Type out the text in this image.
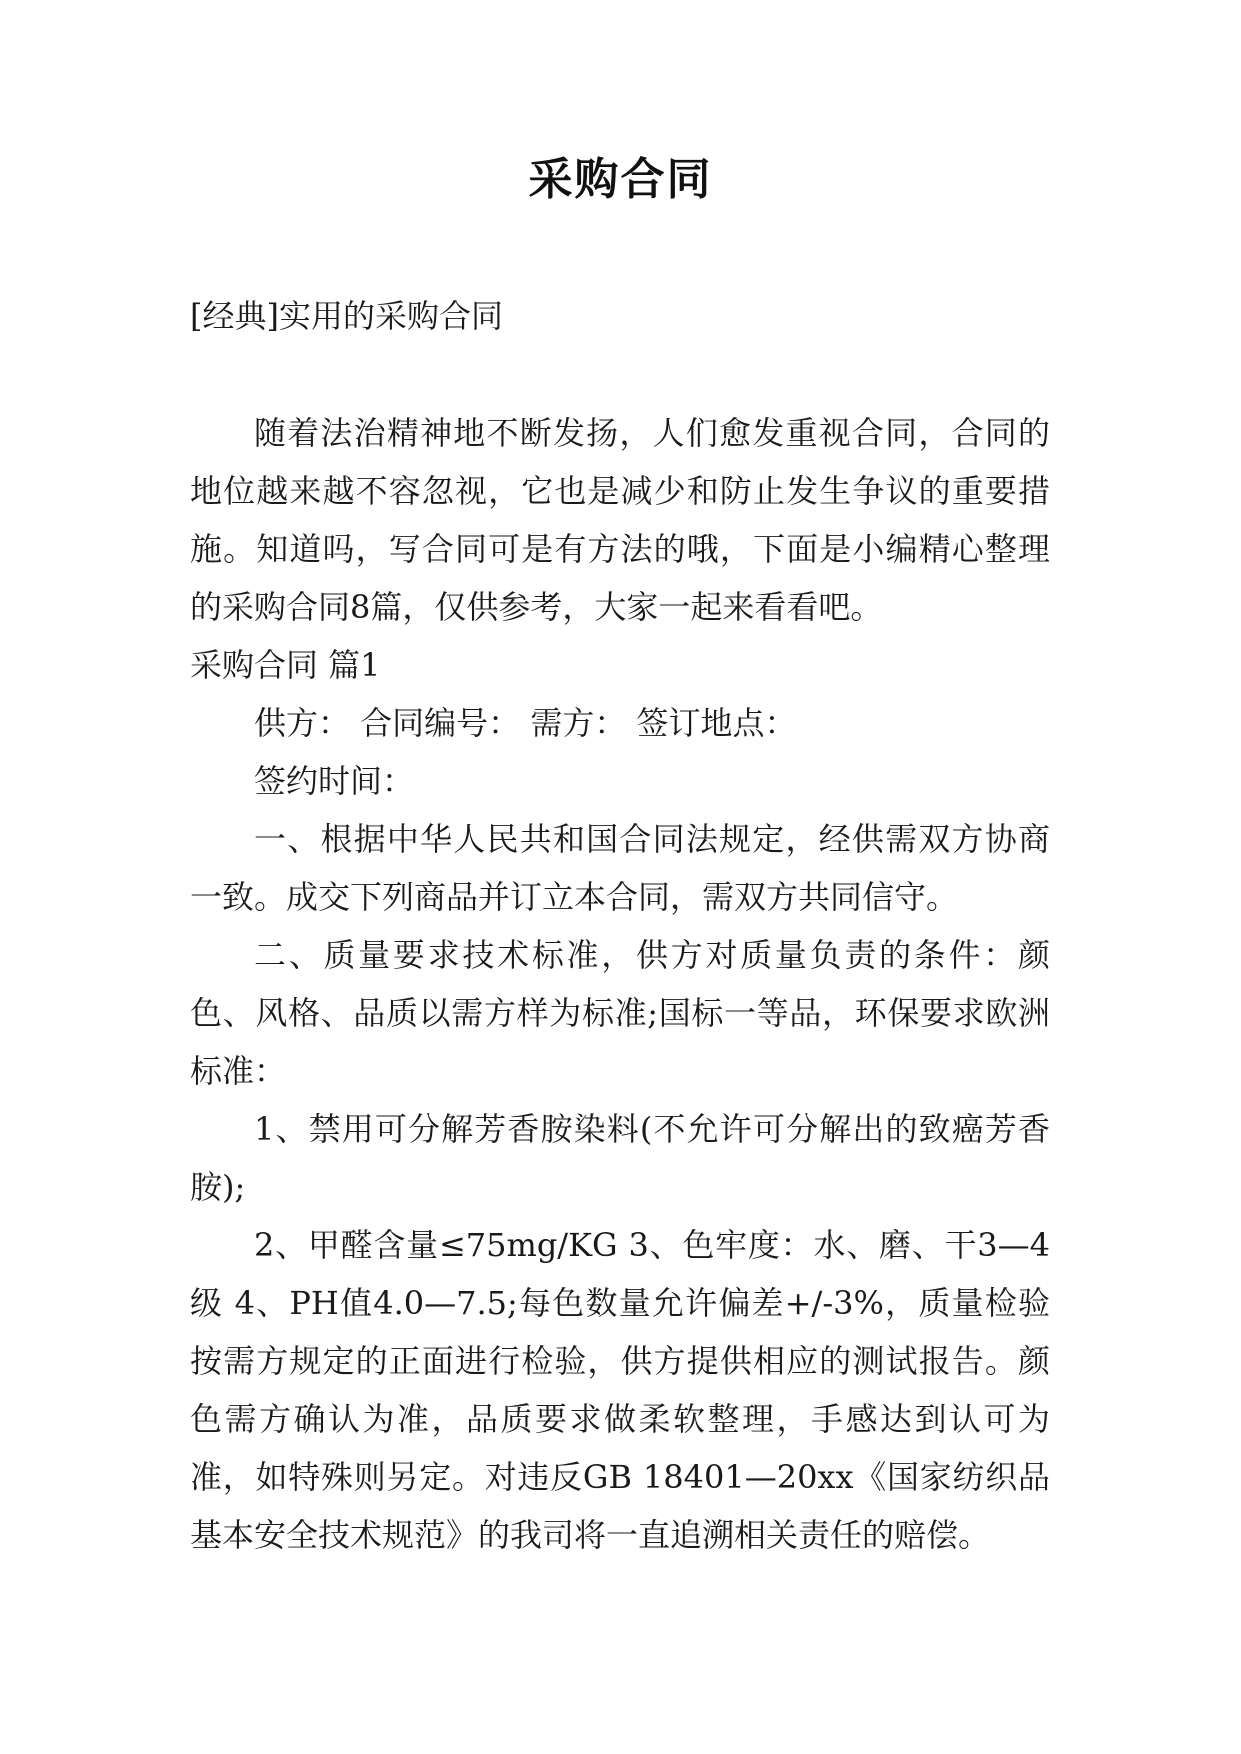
采购合同
[经典]实用的采购合同

随着法治精神地不断发扬，人们愈发重视合同，合同的地位越来越不容忽视，它也是减少和防止发生争议的重要措施。知道吗，写合同可是有方法的哦，下面是小编精心整理的采购合同8篇，仅供参考，大家一起来看看吧。

采购合同 篇1

供方： 合同编号： 需方： 签订地点：

签约时间：

一、根据中华人民共和国合同法规定，经供需双方协商一致。成交下列商品并订立本合同，需双方共同信守。

二、质量要求技术标准，供方对质量负责的条件：颜色、风格、品质以需方样为标准;国标一等品，环保要求欧洲标准：

1、禁用可分解芳香胺染料(不允许可分解出的致癌芳香胺);

2、甲醛含量≤75mg/KG 3、色牢度：水、磨、干3—4级 4、PH值4.0—7.5;每色数量允许偏差+/-3%，质量检验按需方规定的正面进行检验，供方提供相应的测试报告。颜色需方确认为准，品质要求做柔软整理，手感达到认可为准，如特殊则另定。对违反GB 18401—20xx《国家纺织品基本安全技术规范》的我司将一直追溯相关责任的赔偿。
